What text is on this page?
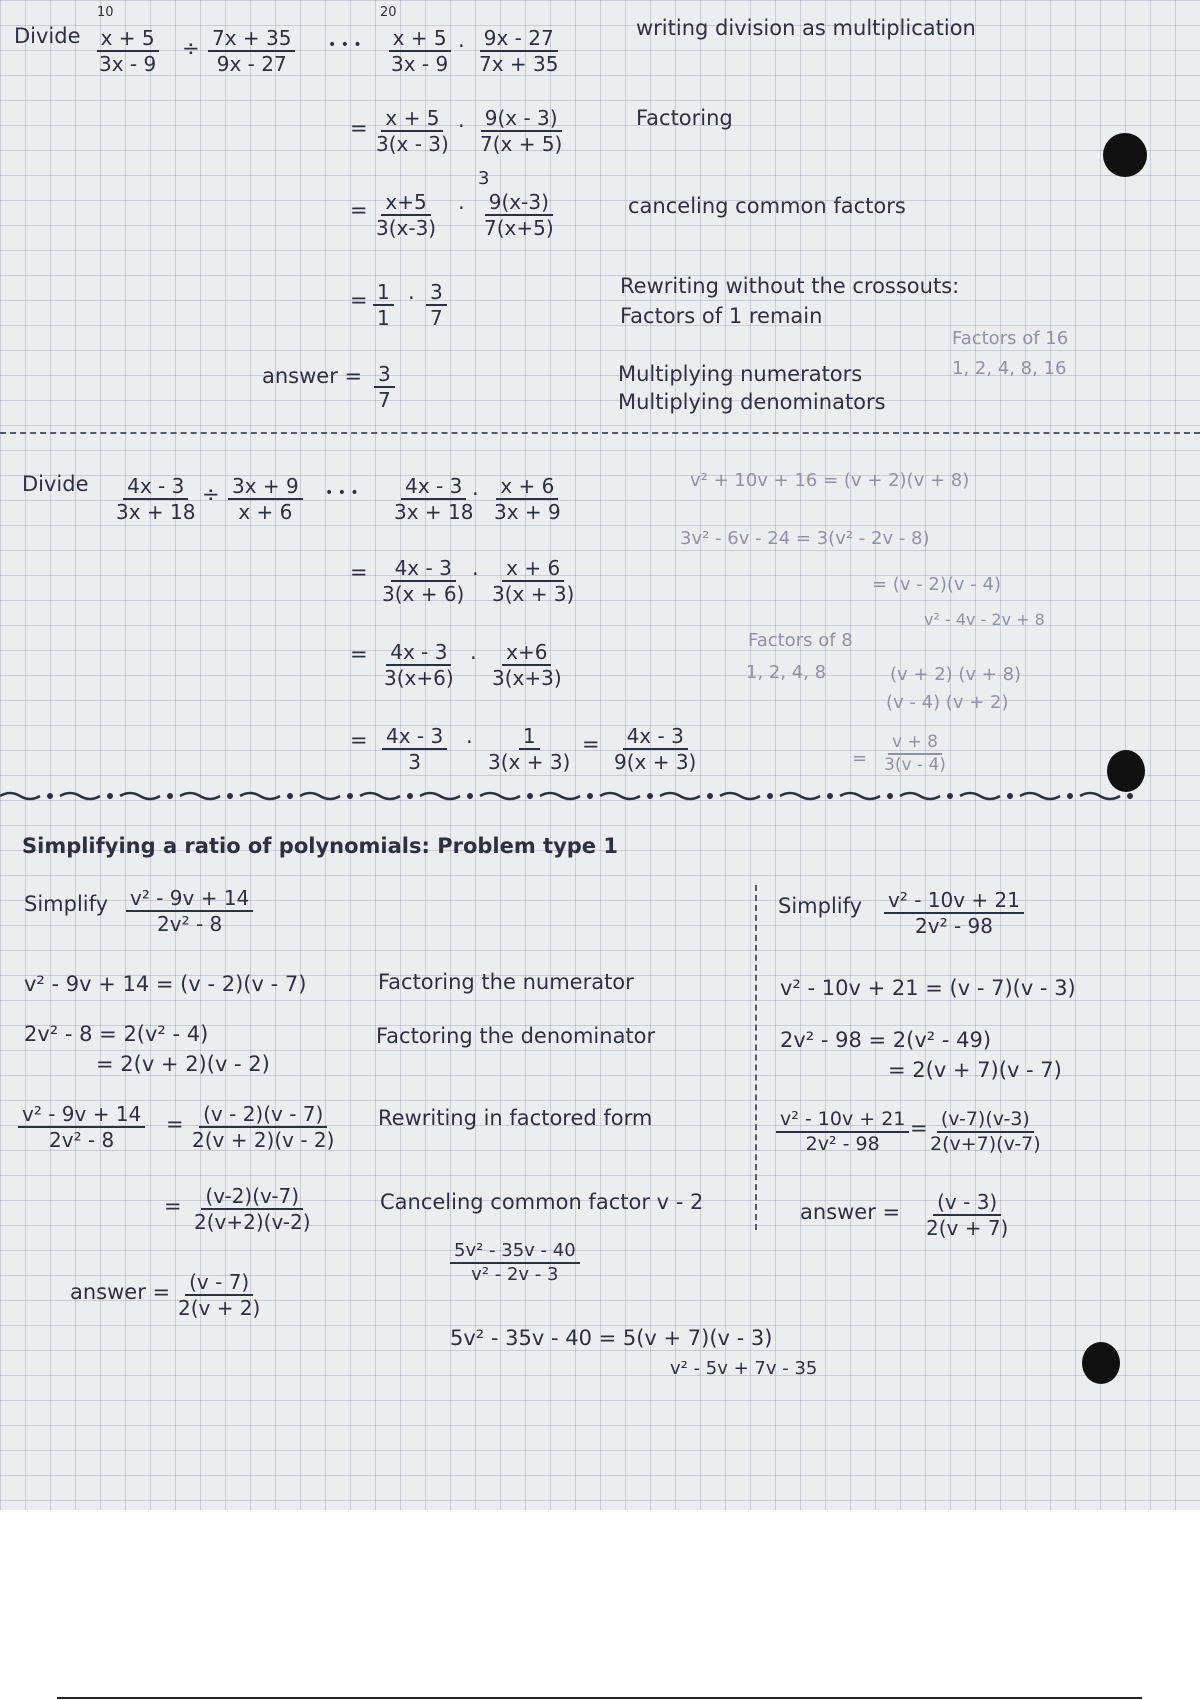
10	20
Divide $\frac{x + 5}{3x - 9} \div \frac{7x + 35}{9x - 27}$ • • • $\frac{x + 5}{3x - 9} \cdot \frac{9x - 27}{7x + 35}$	writing division as multiplication
= $\frac{x + 5}{3(x - 3)} \cdot \frac{9(x - 3)}{7(x + 5)}$	Factoring
3
= $\frac{x+5}{3(x-3)} \cdot \frac{9(x-3)}{7(x+5)}$	canceling common factors
= $\frac{1}{1} \cdot \frac{3}{7}$	Rewriting without the crossouts:
Factors of 1 remain
answer = $\frac{3}{7}$	Multiplying numerators
Multiplying denominators
Factors of 16
1, 2, 4, 8, 16
Divide $\frac{4x - 3}{3x + 18} \div \frac{3x + 9}{x + 6}$ • • • $\frac{4x - 3}{3x + 18}$
· $\frac{x + 6}{3x + 9}$
= $\frac{4x - 3}{3(x + 6)} \cdot \frac{x + 6}{3(x + 3)}$
= $\frac{4x - 3}{3(x+6)} \cdot \frac{x+6}{3(x+3)}$
= $\frac{4x - 3}{3} \cdot \frac{1}{3(x + 3)} = \frac{4x - 3}{9(x + 3)}$
v² + 10v + 16 = (v + 2)(v + 8)
3v² - 6v - 24 = 3(v² - 2v - 8)
= (v - 2)(v - 4)
v² - 4v - 2v + 8
Factors of 8
1, 2, 4, 8	(v + 2) (v + 8)
(v - 4) (v + 2)
= $\frac{v + 8}{3(v - 4)}$
Simplifying a ratio of polynomials: Problem type 1
Simplify $\frac{\text{v² - 9v + 14}}{\text{2v² - 8}}$
v² - 9v + 14 = (v - 2)(v - 7)	Factoring the numerator
2v² - 8 = 2(v² - 4)
= 2(v + 2)(v - 2)
Factoring the denominator
$\frac{\text{v² - 9v + 14}}{\text{2v² - 8}} = \frac{(v - 2)(v - 7)}{2(v + 2)(v - 2)}$ Rewriting in factored form
= $\frac{(v-2)(v-7)}{2(v+2)(v-2)}$	Canceling common factor v - 2
$\frac{\text{5v² - 35v - 40}}{\text{v² - 2v - 3}}$
answer = $\frac{(v - 7)}{2(v + 2)}$
5v² - 35v - 40 = 5(v + 7)(v - 3)
v² - 5v + 7v - 35
Simplify $\frac{\text{v² - 10v + 21}}{\text{2v² - 98}}$
v² - 10v + 21 = (v - 7)(v - 3)
2v² - 98 = 2(v² - 49)
= 2(v + 7)(v - 7)
$\frac{\text{v² - 10v + 21}}{\text{2v² - 98}}$ =
$\frac{(v-7)(v-3)}{2(v+7)(v-7)}$
answer = $\frac{(v - 3)}{2(v + 7)}$
